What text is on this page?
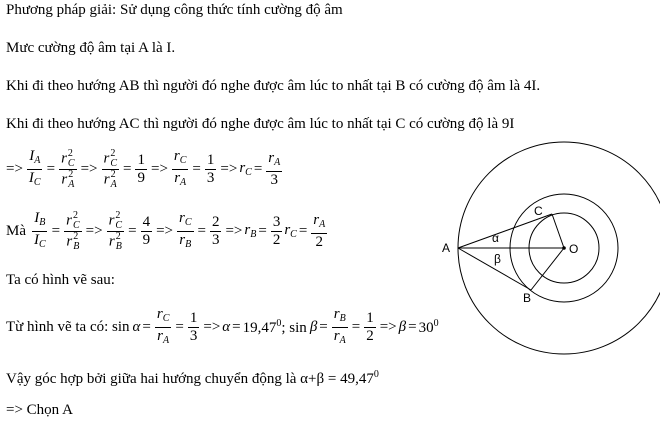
Phương pháp giải: Sử dụng công thức tính cường độ âm
Mưc cường độ âm tại A là I.
Khi đi theo hướng AB thì người đó nghe được âm lúc to nhất tại B có cường độ âm là 4I.
Khi đi theo hướng AC thì người đó nghe được âm lúc to nhất tại C có cường độ là 9I
=> $\frac{I_A}{I_C} = r$ 2
C
r 2
A => r 2
C
r 2
$A = \frac{1}{9} => \frac{r_C}{r_A} = \frac{1}{3} => r_C = \frac{r_A}{3}$
Mà $\frac{I_B}{I_C} = r$ 2
C
r 2
B => r 2
C
r 2
$B = \frac{4}{9} => \frac{r_C}{r_B} = \frac{2}{3} => r_B = \frac{3}{2} r_C = \frac{r_A}{2}$
Ta có hình vẽ sau:
Từ hình vẽ ta có: $\sin \alpha = \frac{r_C}{r_A} = \frac{1}{3} => \alpha = 19,47^0$; $\sin \beta = \frac{r_B}{r_A} = \frac{1}{2} => \beta = 30^0$
Vậy góc hợp bởi giữa hai hướng chuyển động là $\alpha+\beta = 49,47^0$
=> Chọn A
A	O
C
B
α
β
